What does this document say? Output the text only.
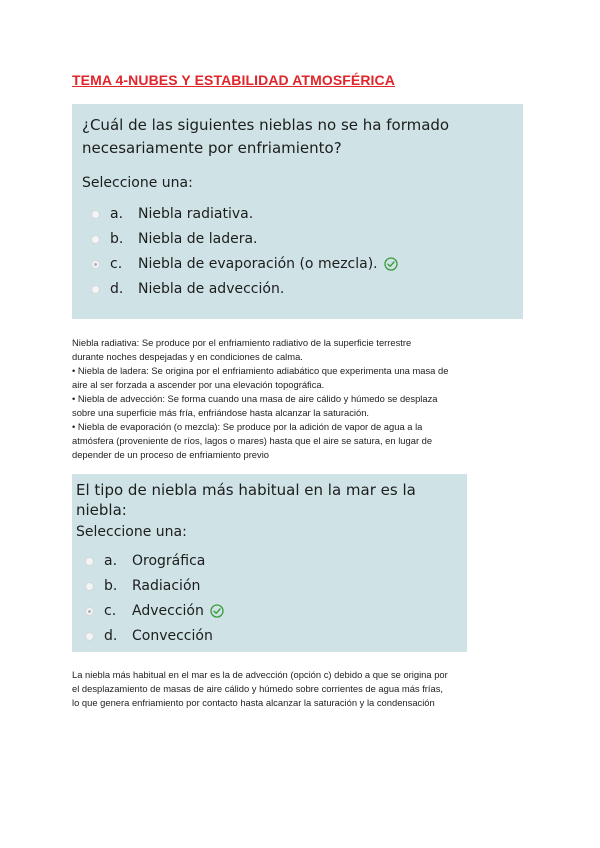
TEMA 4-NUBES Y ESTABILIDAD ATMOSFÉRICA
¿Cuál de las siguientes nieblas no se ha formado necesariamente por enfriamiento?
Seleccione una:
a.	Niebla radiativa.
b.	Niebla de ladera.
c.	Niebla de evaporación (o mezcla).
d.	Niebla de advección.
Niebla radiativa: Se produce por el enfriamiento radiativo de la superficie terrestre
durante noches despejadas y en condiciones de calma.
• Niebla de ladera: Se origina por el enfriamiento adiabático que experimenta una masa de
aire al ser forzada a ascender por una elevación topográfica.
• Niebla de advección: Se forma cuando una masa de aire cálido y húmedo se desplaza
sobre una superficie más fría, enfriándose hasta alcanzar la saturación.
• Niebla de evaporación (o mezcla): Se produce por la adición de vapor de agua a la
atmósfera (proveniente de ríos, lagos o mares) hasta que el aire se satura, en lugar de
depender de un proceso de enfriamiento previo
El tipo de niebla más habitual en la mar es la niebla:
Seleccione una:
a.	Orográfica
b.	Radiación
c.	Advección
d.	Convección
La niebla más habitual en el mar es la de advección (opción c) debido a que se origina por
el desplazamiento de masas de aire cálido y húmedo sobre corrientes de agua más frías,
lo que genera enfriamiento por contacto hasta alcanzar la saturación y la condensación
